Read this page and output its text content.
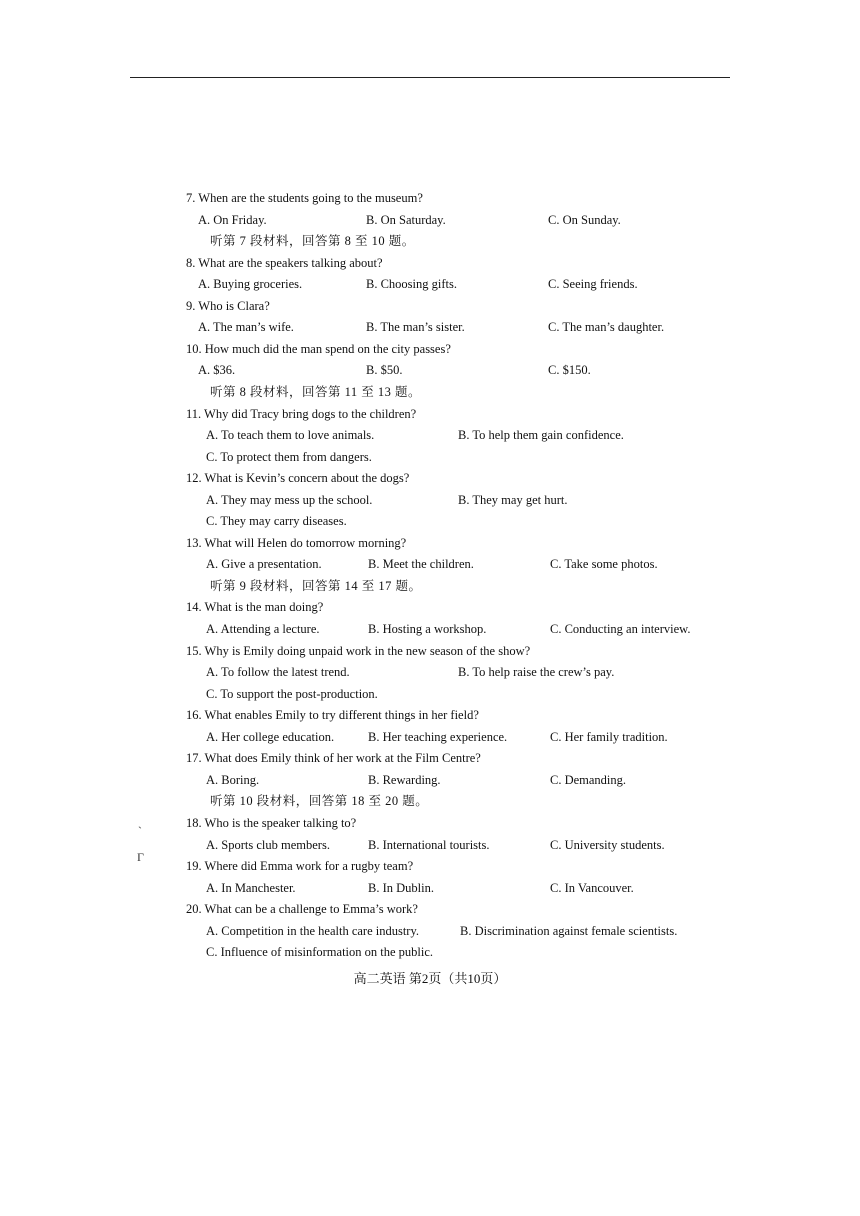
7. When are the students going to the museum?
A. On Friday.	B. On Saturday.	C. On Sunday.
听第 7 段材料，回答第 8 至 10 题。
8. What are the speakers talking about?
A. Buying groceries.	B. Choosing gifts.	C. Seeing friends.
9. Who is Clara?
A. The man’s wife.	B. The man’s sister.	C. The man’s daughter.
10. How much did the man spend on the city passes?
A. $36.	B. $50.	C. $150.
听第 8 段材料，回答第 11 至 13 题。
11. Why did Tracy bring dogs to the children?
A. To teach them to love animals.	B. To help them gain confidence.
C. To protect them from dangers.
12. What is Kevin’s concern about the dogs?
A. They may mess up the school.	B. They may get hurt.
C. They may carry diseases.
13. What will Helen do tomorrow morning?
A. Give a presentation.	B. Meet the children.	C. Take some photos.
听第 9 段材料，回答第 14 至 17 题。
14. What is the man doing?
A. Attending a lecture.	B. Hosting a workshop.	C. Conducting an interview.
15. Why is Emily doing unpaid work in the new season of the show?
A. To follow the latest trend.	B. To help raise the crew’s pay.
C. To support the post-production.
16. What enables Emily to try different things in her field?
A. Her college education.	B. Her teaching experience.	C. Her family tradition.
17. What does Emily think of her work at the Film Centre?
A. Boring.	B. Rewarding.	C. Demanding.
听第 10 段材料，回答第 18 至 20 题。
18. Who is the speaker talking to?
A. Sports club members.	B. International tourists.	C. University students.
19. Where did Emma work for a rugby team?
A. In Manchester.	B. In Dublin.	C. In Vancouver.
20. What can be a challenge to Emma’s work?
A. Competition in the health care industry.	B. Discrimination against female scientists.
C. Influence of misinformation on the public.
`
Γ
高二英语 第2页（共10页）
